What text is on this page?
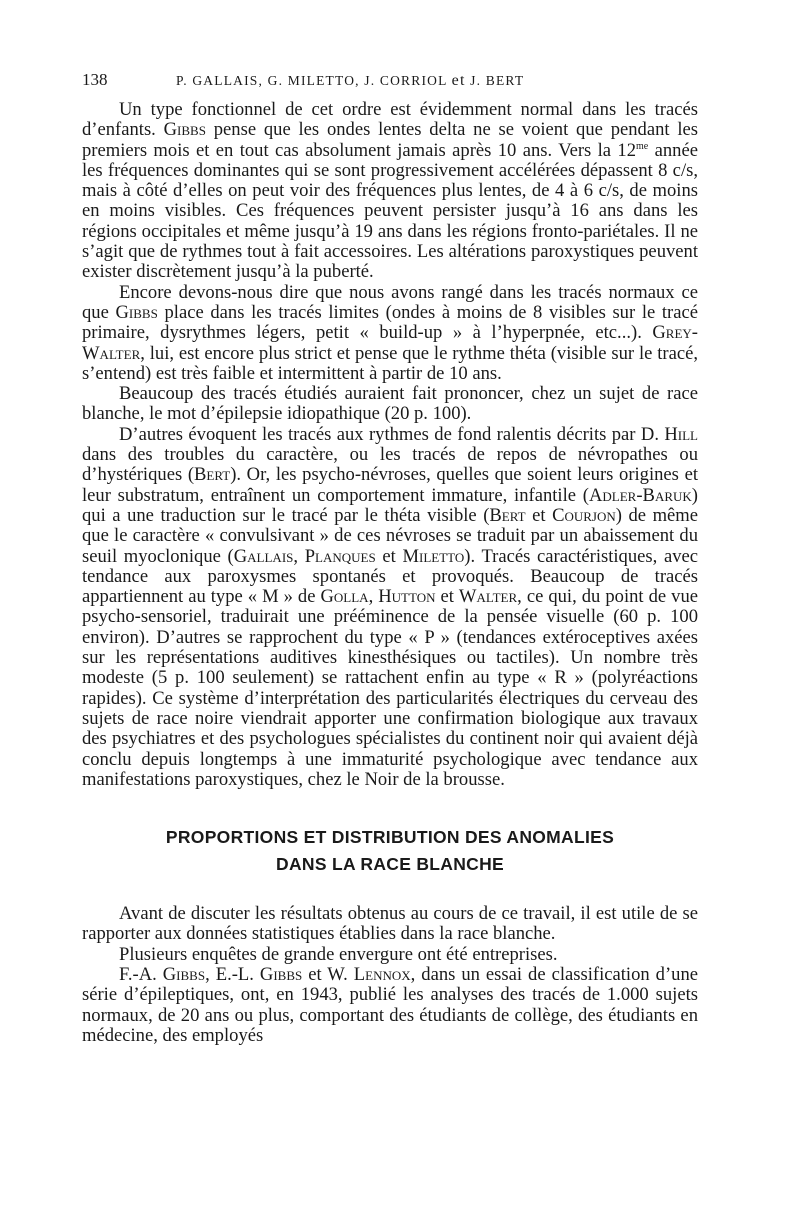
138	P. GALLAIS, G. MILETTO, J. CORRIOL et J. BERT

Un type fonctionnel de cet ordre est évidemment normal dans les tracés d’enfants. Gibbs pense que les ondes lentes delta ne se voient que pendant les premiers mois et en tout cas absolument jamais après 10 ans. Vers la $12^{me}$ année les fréquences dominantes qui se sont progressivement accélérées dépassent 8 c/s, mais à côté d’elles on peut voir des fréquences plus lentes, de 4 à 6 c/s, de moins en moins visibles. Ces fréquences peuvent persister jusqu’à 16 ans dans les régions occipitales et même jusqu’à 19 ans dans les régions fronto-pariétales. Il ne s’agit que de rythmes tout à fait accessoires. Les altérations paroxystiques peuvent exister discrètement jusqu’à la puberté.

Encore devons-nous dire que nous avons rangé dans les tracés normaux ce que Gibbs place dans les tracés limites (ondes à moins de 8 visibles sur le tracé primaire, dysrythmes légers, petit « build-up » à l’hyperpnée, etc...). Grey-Walter, lui, est encore plus strict et pense que le rythme théta (visible sur le tracé, s’entend) est très faible et intermittent à partir de 10 ans.

Beaucoup des tracés étudiés auraient fait prononcer, chez un sujet de race blanche, le mot d’épilepsie idiopathique (20 p. 100).

D’autres évoquent les tracés aux rythmes de fond ralentis décrits par D. Hill dans des troubles du caractère, ou les tracés de repos de névropathes ou d’hystériques (Bert). Or, les psycho-névroses, quelles que soient leurs origines et leur substratum, entraînent un comportement immature, infantile (Adler-Baruk) qui a une traduction sur le tracé par le théta visible (Bert et Courjon) de même que le caractère « convulsivant » de ces névroses se traduit par un abaissement du seuil myoclonique (Gallais, Planques et Miletto). Tracés caractéristiques, avec tendance aux paroxysmes spontanés et provoqués. Beaucoup de tracés appartiennent au type « M » de Golla, Hutton et Walter, ce qui, du point de vue psycho-sensoriel, traduirait une prééminence de la pensée visuelle (60 p. 100 environ). D’autres se rapprochent du type « P » (tendances extéroceptives axées sur les représentations auditives kinesthésiques ou tactiles). Un nombre très modeste (5 p. 100 seulement) se rattachent enfin au type « R » (polyréactions rapides). Ce système d’interprétation des particularités électriques du cerveau des sujets de race noire viendrait apporter une confirmation biologique aux travaux des psychiatres et des psychologues spécialistes du continent noir qui avaient déjà conclu depuis longtemps à une immaturité psychologique avec tendance aux manifestations paroxystiques, chez le Noir de la brousse.

PROPORTIONS ET DISTRIBUTION DES ANOMALIES
DANS LA RACE BLANCHE

Avant de discuter les résultats obtenus au cours de ce travail, il est utile de se rapporter aux données statistiques établies dans la race blanche.

Plusieurs enquêtes de grande envergure ont été entreprises.

F.-A. Gibbs, E.-L. Gibbs et W. Lennox, dans un essai de classification d’une série d’épileptiques, ont, en 1943, publié les analyses des tracés de 1.000 sujets normaux, de 20 ans ou plus, comportant des étudiants de collège, des étudiants en médecine, des employés
